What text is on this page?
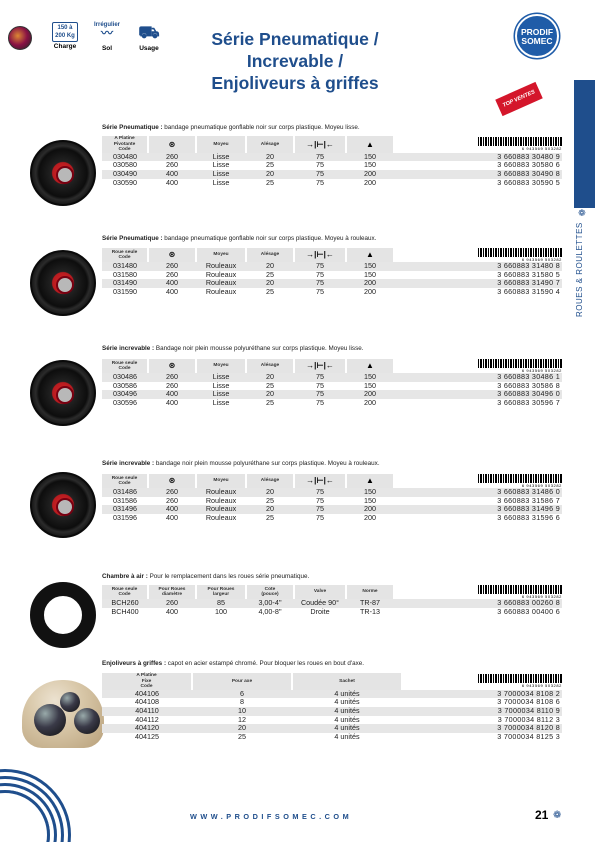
150 à
200 Kg
Charge
Irrégulier
〰
Sol
⛟
Usage	Série Pneumatique /
Increvable /
Enjoliveurs à griffes
PRODIF
SOMEC
TOP VENTES
❁
ROUES & ROULETTES
Série Pneumatique : bandage pneumatique gonflable noir sur corps plastique. Moyeu lisse.
A Platine
Pivotante
Code	⊛	Moyeu	Alésage	→|⊢|←	▲	6 943569 503282

030480	260	Lisse	20	75	150	3 660883 30480 9
030580	260	Lisse	25	75	150	3 660883 30580 6
030490	400	Lisse	20	75	200	3 660883 30490 8
030590	400	Lisse	25	75	200	3 660883 30590 5
Série Pneumatique : bandage pneumatique gonflable noir sur corps plastique. Moyeu à rouleaux.
Roue seule
Code	⊛	Moyeu	Alésage	→|⊢|←	▲	6 943569 503282

031480	260	Rouleaux	20	75	150	3 660883 31480 8
031580	260	Rouleaux	25	75	150	3 660883 31580 5
031490	400	Rouleaux	20	75	200	3 660883 31490 7
031590	400	Rouleaux	25	75	200	3 660883 31590 4
Série increvable : Bandage noir plein mousse polyuréthane sur corps plastique. Moyeu lisse.
Roue seule
Code	⊛	Moyeu	Alésage	→|⊢|←	▲	6 943569 503282

030486	260	Lisse	20	75	150	3 660883 30486 1
030586	260	Lisse	25	75	150	3 660883 30586 8
030496	400	Lisse	20	75	200	3 660883 30496 0
030596	400	Lisse	25	75	200	3 660883 30596 7
Série increvable : bandage noir plein mousse polyuréthane sur corps plastique. Moyeu à rouleaux.
Roue seule
Code	⊛	Moyeu	Alésage	→|⊢|←	▲	6 943569 503282

031486	260	Rouleaux	20	75	150	3 660883 31486 0
031586	260	Rouleaux	25	75	150	3 660883 31586 7
031496	400	Rouleaux	20	75	200	3 660883 31496 9
031596	400	Rouleaux	25	75	200	3 660883 31596 6
Chambre à air : Pour le remplacement dans les roues série pneumatique.
Roue seule
Code	Pour Roues
diamètre	Pour Roues
largeur	Cote
(pouce)	Valve	Norme	6 943569 503282

BCH260	260	85	3,00-4''	Coudée 90°	TR-87	3 660883 00260 8
BCH400	400	100	4,00-8''	Droite	TR-13	3 660883 00400 6
Enjoliveurs à griffes : capot en acier estampé chromé. Pour bloquer les roues en bout d'axe.
A Platine
Fixe
Code	Pour axe	Sachet	6 943569 503282

404106	6	4 unités	3 7000034 8108 2
404108	8	4 unités	3 7000034 8108 6
404110	10	4 unités	3 7000034 8110 9
404112	12	4 unités	3 7000034 8112 3
404120	20	4 unités	3 7000034 8120 8
404125	25	4 unités	3 7000034 8125 3
WWW.PRODIFSOMEC.COM	21 ❁
